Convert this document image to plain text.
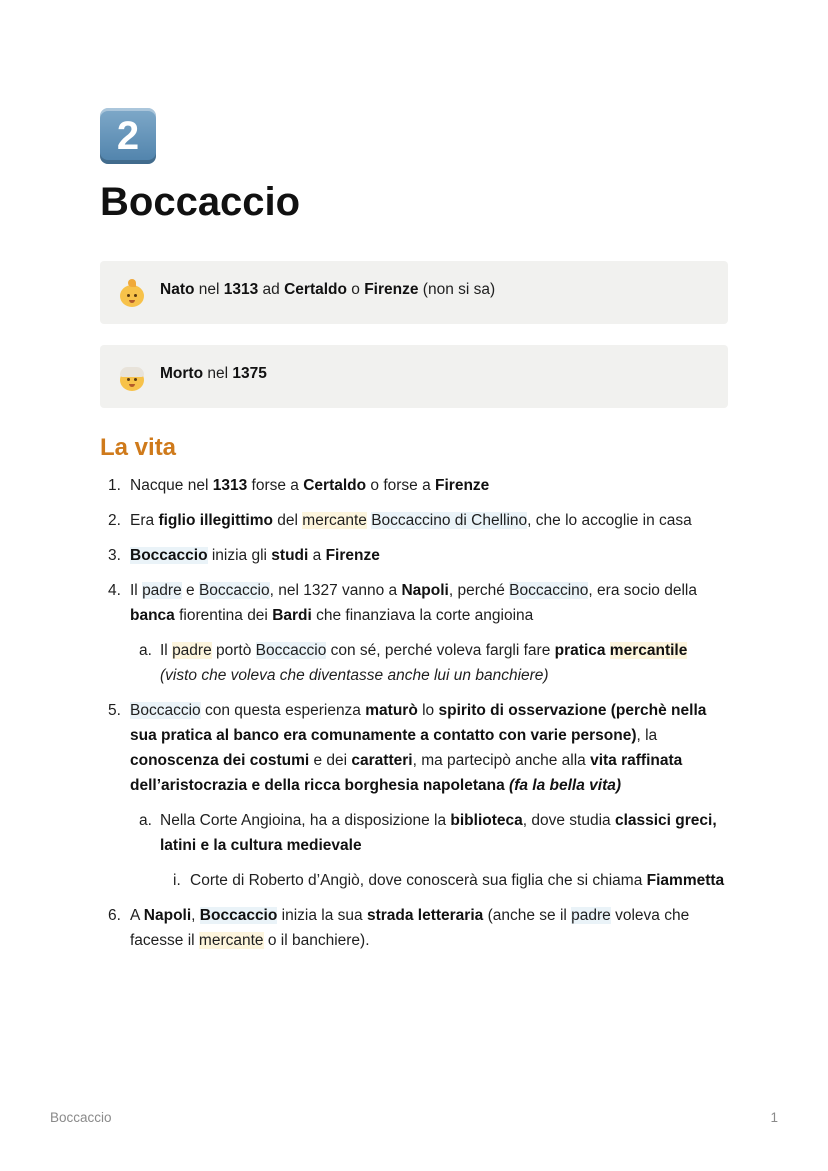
2
Boccaccio
Nato nel 1313 ad Certaldo o Firenze (non si sa)
Morto nel 1375
La vita
1. Nacque nel 1313 forse a Certaldo o forse a Firenze
2. Era figlio illegittimo del mercante Boccaccino di Chellino, che lo accoglie in casa
3. Boccaccio inizia gli studi a Firenze
4. Il padre e Boccaccio, nel 1327 vanno a Napoli, perché Boccaccino, era socio della banca fiorentina dei Bardi che finanziava la corte angioina
a. Il padre portò Boccaccio con sé, perché voleva fargli fare pratica mercantile (visto che voleva che diventasse anche lui un banchiere)
5. Boccaccio con questa esperienza maturò lo spirito di osservazione (perchè nella sua pratica al banco era comunamente a contatto con varie persone), la conoscenza dei costumi e dei caratteri, ma partecipò anche alla vita raffinata dell’aristocrazia e della ricca borghesia napoletana (fa la bella vita)
a. Nella Corte Angioina, ha a disposizione la biblioteca, dove studia classici greci, latini e la cultura medievale
i. Corte di Roberto d’Angiò, dove conoscerà sua figlia che si chiama Fiammetta
6. A Napoli, Boccaccio inizia la sua strada letteraria (anche se il padre voleva che facesse il mercante o il banchiere).
Boccaccio	1
